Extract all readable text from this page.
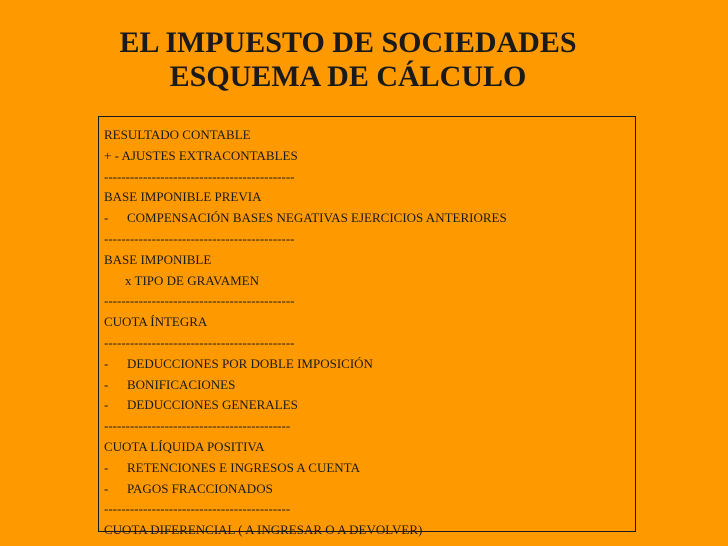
EL IMPUESTO DE SOCIEDADES
ESQUEMA DE CÁLCULO
RESULTADO CONTABLE
+ - AJUSTES EXTRACONTABLES
--------------------------------------------
BASE IMPONIBLE PREVIA
- COMPENSACIÓN BASES NEGATIVAS EJERCICIOS ANTERIORES
--------------------------------------------
BASE IMPONIBLE
x TIPO DE GRAVAMEN
--------------------------------------------
CUOTA ÍNTEGRA
--------------------------------------------
- DEDUCCIONES POR DOBLE IMPOSICIÓN
- BONIFICACIONES
- DEDUCCIONES GENERALES
-------------------------------------------
CUOTA LÍQUIDA POSITIVA
- RETENCIONES E INGRESOS A CUENTA
- PAGOS FRACCIONADOS
-------------------------------------------
CUOTA DIFERENCIAL ( A INGRESAR O A DEVOLVER)
